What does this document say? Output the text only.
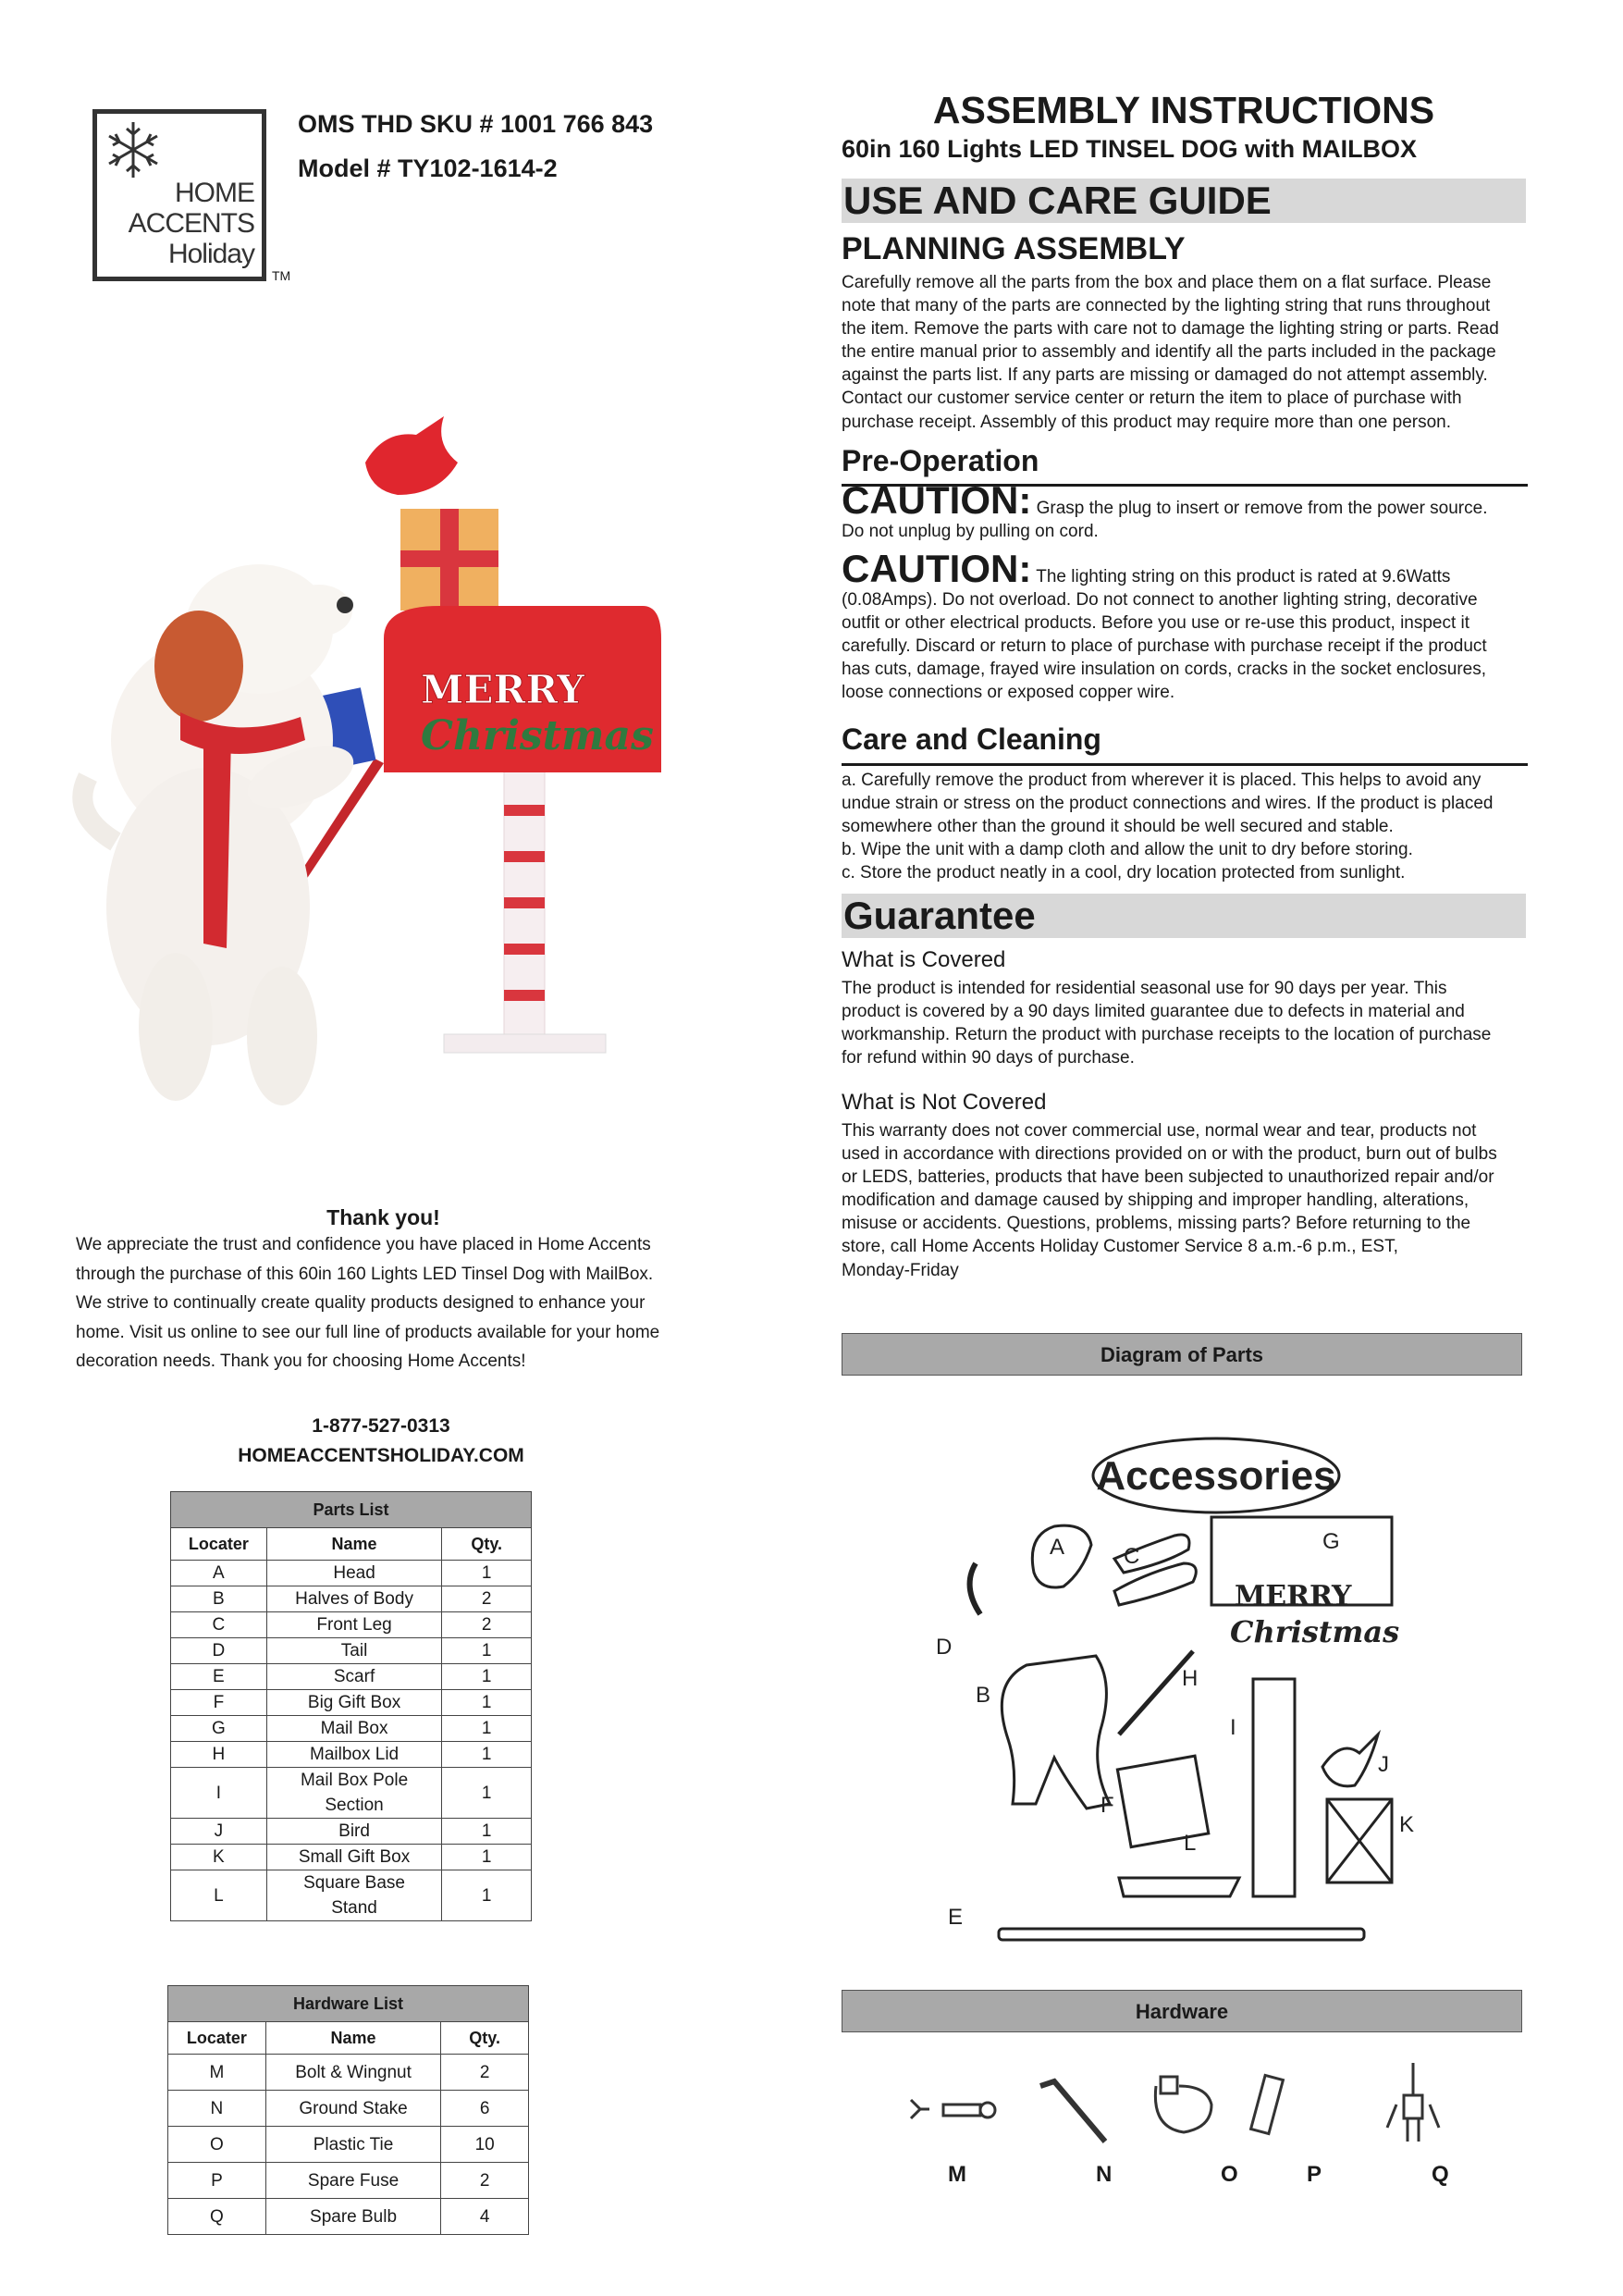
HOME
ACCENTS
Holiday
TM
OMS THD SKU # 1001 766 843
Model # TY102-1614-2
MERRY
Christmas
Thank you!
We appreciate the trust and confidence you have placed in Home Accents
through the purchase of this 60in 160 Lights LED Tinsel Dog with MailBox.
We strive to continually create quality products designed to enhance your
home. Visit us online to see our full line of products available for your home
decoration needs. Thank you for choosing Home Accents!
1-877-527-0313
HOMEACCENTSHOLIDAY.COM
Parts List		
Locater	Name	Qty.
A	Head	1
B	Halves of Body	2
C	Front Leg	2
D	Tail	1
E	Scarf	1
F	Big Gift Box	1
G	Mail Box	1
H	Mailbox Lid	1
I	Mail Box Pole Section	1
J	Bird	1
K	Small Gift Box	1
L	Square Base Stand	1
Hardware List		
Locater	Name	Qty.
M	Bolt & Wingnut	2
N	Ground Stake	6
O	Plastic Tie	10
P	Spare Fuse	2
Q	Spare Bulb	4
ASSEMBLY INSTRUCTIONS
60in 160 Lights LED TINSEL DOG with MAILBOX
USE AND CARE GUIDE
PLANNING ASSEMBLY
Carefully remove all the parts from the box and place them on a flat surface. Please
note that many of the parts are connected by the lighting string that runs throughout
the item. Remove the parts with care not to damage the lighting string or parts. Read
the entire manual prior to assembly and identify all the parts included in the package
against the parts list. If any parts are missing or damaged do not attempt assembly.
Contact our customer service center or return the item to place of purchase with
purchase receipt. Assembly of this product may require more than one person.
Pre-Operation
CAUTION: Grasp the plug to insert or remove from the power source.
Do not unplug by pulling on cord.
CAUTION: The lighting string on this product is rated at 9.6Watts
(0.08Amps). Do not overload. Do not connect to another lighting string, decorative
outfit or other electrical products. Before you use or re-use this product, inspect it
carefully. Discard or return to place of purchase with purchase receipt if the product
has cuts, damage, frayed wire insulation on cords, cracks in the socket enclosures,
loose connections or exposed copper wire.
Care and Cleaning
a. Carefully remove the product from wherever it is placed. This helps to avoid any
undue strain or stress on the product connections and wires. If the product is placed
somewhere other than the ground it should be well secured and stable.
b. Wipe the unit with a damp cloth and allow the unit to dry before storing.
c. Store the product neatly in a cool, dry location protected from sunlight.
Guarantee
What is Covered
The product is intended for residential seasonal use for 90 days per year. This
product is covered by a 90 days limited guarantee due to defects in material and
workmanship. Return the product with purchase receipts to the location of purchase
for refund within 90 days of purchase.
What is Not Covered
This warranty does not cover commercial use, normal wear and tear, products not
used in accordance with directions provided on or with the product, burn out of bulbs
or LEDS, batteries, products that have been subjected to unauthorized repair and/or
modification and damage caused by shipping and improper handling, alterations,
misuse or accidents. Questions, problems, missing parts? Before returning to the
store, call Home Accents Holiday Customer Service 8 a.m.-6 p.m., EST,
Monday-Friday
Diagram of Parts
Accessories
MERRY
Christmas
A
B
C
D
E
F
G
H
I
J
K
L
Hardware
M	N	O	P	Q
